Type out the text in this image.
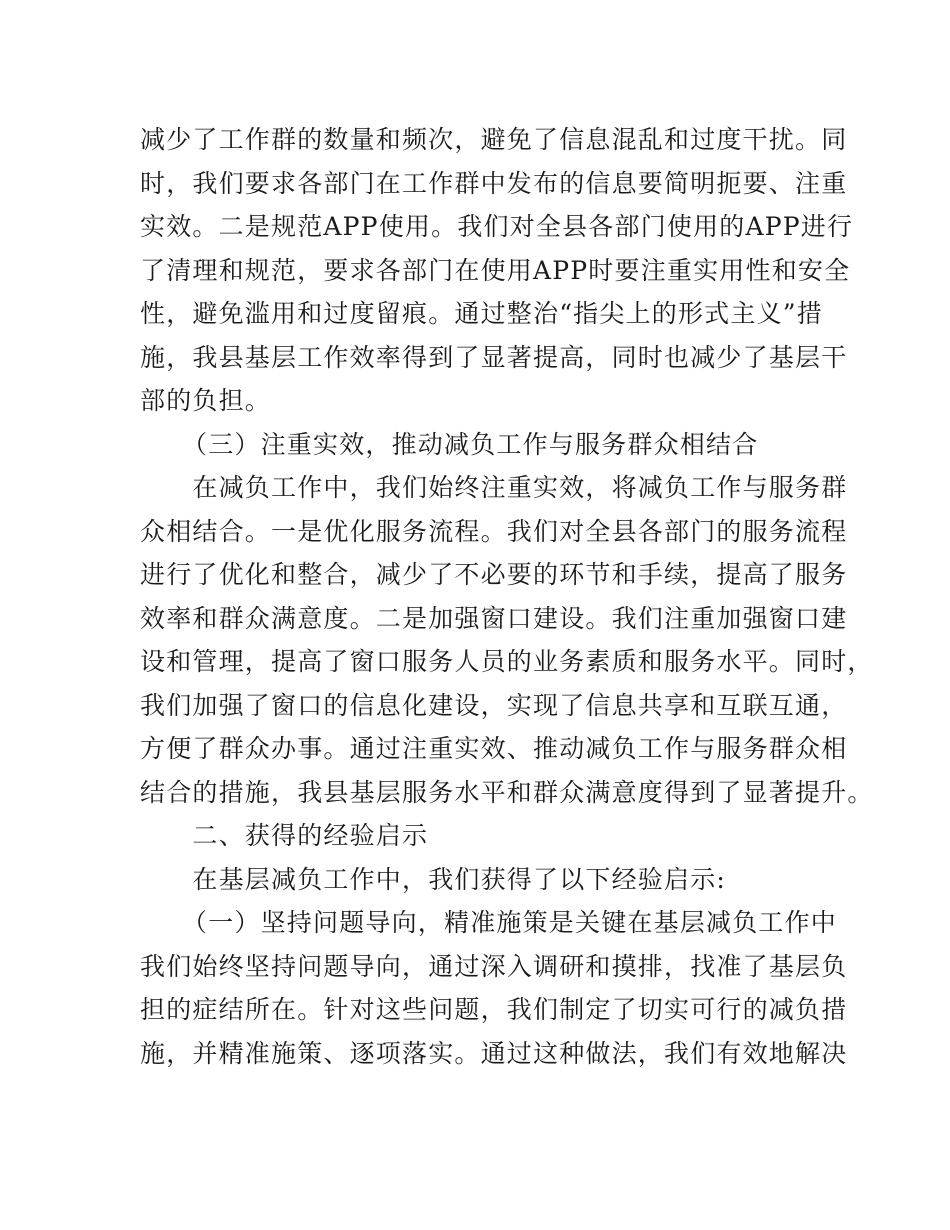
减少了工作群的数量和频次，避免了信息混乱和过度干扰。同
时，我们要求各部门在工作群中发布的信息要简明扼要、注重
实效。二是规范APP使用。我们对全县各部门使用的APP进行
了清理和规范，要求各部门在使用APP时要注重实用性和安全
性，避免滥用和过度留痕。通过整治“指尖上的形式主义”措
施，我县基层工作效率得到了显著提高，同时也减少了基层干
部的负担。
（三）注重实效，推动减负工作与服务群众相结合
　　在减负工作中，我们始终注重实效，将减负工作与服务群
众相结合。一是优化服务流程。我们对全县各部门的服务流程
进行了优化和整合，减少了不必要的环节和手续，提高了服务
效率和群众满意度。二是加强窗口建设。我们注重加强窗口建
设和管理，提高了窗口服务人员的业务素质和服务水平。同时，
我们加强了窗口的信息化建设，实现了信息共享和互联互通，
方便了群众办事。通过注重实效、推动减负工作与服务群众相
结合的措施，我县基层服务水平和群众满意度得到了显著提升。
　　二、获得的经验启示
　　在基层减负工作中，我们获得了以下经验启示:
（一）坚持问题导向，精准施策是关键在基层减负工作中
我们始终坚持问题导向，通过深入调研和摸排，找准了基层负
担的症结所在。针对这些问题，我们制定了切实可行的减负措
施，并精准施策、逐项落实。通过这种做法，我们有效地解决
